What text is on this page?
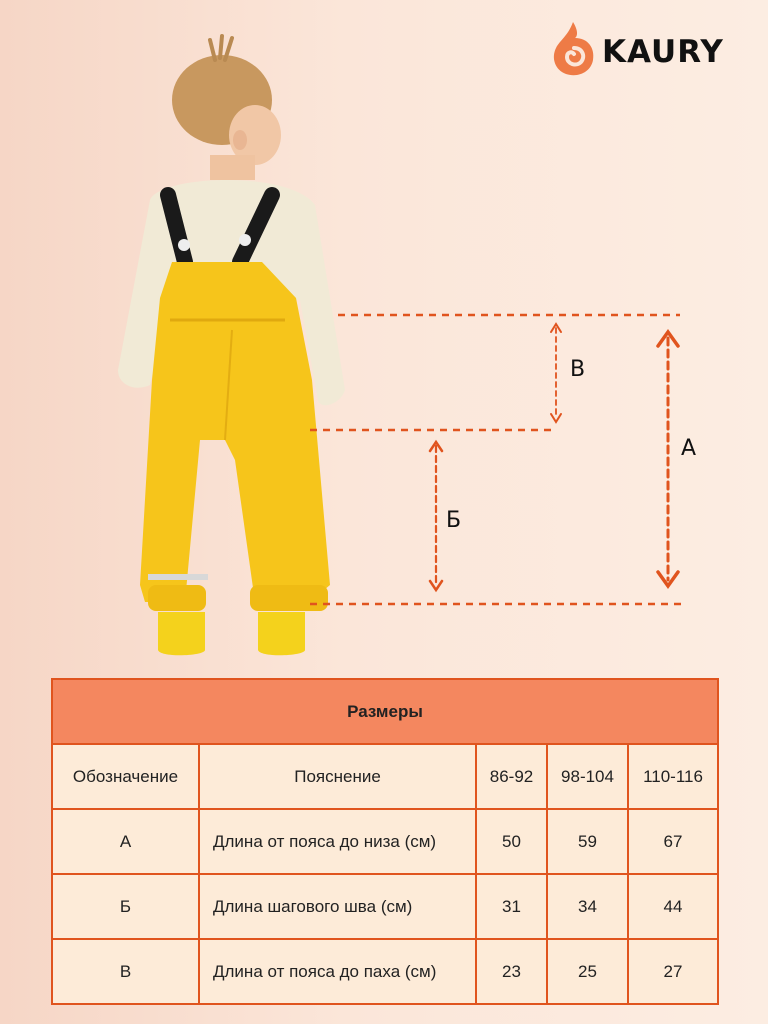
KAURY
В
А
Б
Размеры				
Обозначение	Пояснение	86-92	98-104	110-116
А	Длина от пояса до низа (см)	50	59	67
Б	Длина шагового шва (см)	31	34	44
В	Длина от пояса до паха (см)	23	25	27
